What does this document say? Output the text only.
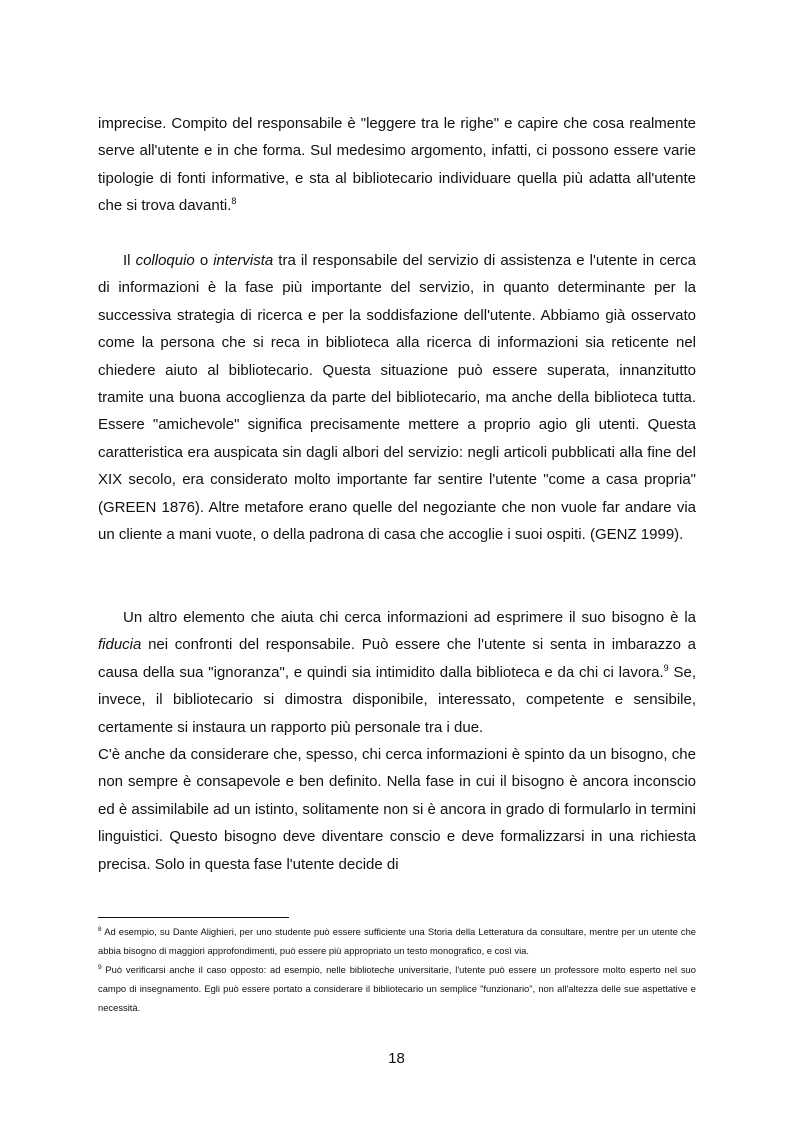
imprecise. Compito del responsabile è "leggere tra le righe" e capire che cosa realmente serve all'utente e in che forma. Sul medesimo argomento, infatti, ci possono essere varie tipologie di fonti informative, e sta al bibliotecario individuare quella più adatta all'utente che si trova davanti.$^8$

Il colloquio o intervista tra il responsabile del servizio di assistenza e l'utente in cerca di informazioni è la fase più importante del servizio, in quanto determinante per la successiva strategia di ricerca e per la soddisfazione dell'utente. Abbiamo già osservato come la persona che si reca in biblioteca alla ricerca di informazioni sia reticente nel chiedere aiuto al bibliotecario. Questa situazione può essere superata, innanzitutto tramite una buona accoglienza da parte del bibliotecario, ma anche della biblioteca tutta. Essere "amichevole" significa precisamente mettere a proprio agio gli utenti. Questa caratteristica era auspicata sin dagli albori del servizio: negli articoli pubblicati alla fine del XIX secolo, era considerato molto importante far sentire l'utente "come a casa propria" (GREEN 1876). Altre metafore erano quelle del negoziante che non vuole far andare via un cliente a mani vuote, o della padrona di casa che accoglie i suoi ospiti. (GENZ 1999).

Un altro elemento che aiuta chi cerca informazioni ad esprimere il suo bisogno è la fiducia nei confronti del responsabile. Può essere che l'utente si senta in imbarazzo a causa della sua "ignoranza", e quindi sia intimidito dalla biblioteca e da chi ci lavora.$^9$ Se, invece, il bibliotecario si dimostra disponibile, interessato, competente e sensibile, certamente si instaura un rapporto più personale tra i due.
C'è anche da considerare che, spesso, chi cerca informazioni è spinto da un bisogno, che non sempre è consapevole e ben definito. Nella fase in cui il bisogno è ancora inconscio ed è assimilabile ad un istinto, solitamente non si è ancora in grado di formularlo in termini linguistici. Questo bisogno deve diventare conscio e deve formalizzarsi in una richiesta precisa. Solo in questa fase l'utente decide di

$^8$ Ad esempio, su Dante Alighieri, per uno studente può essere sufficiente una Storia della Letteratura da consultare, mentre per un utente che abbia bisogno di maggiori approfondimenti, può essere più appropriato un testo monografico, e così via.

$^9$ Può verificarsi anche il caso opposto: ad esempio, nelle biblioteche universitarie, l'utente può essere un professore molto esperto nel suo campo di insegnamento. Egli può essere portato a considerare il bibliotecario un semplice "funzionario", non all'altezza delle sue aspettative e necessità.

18
